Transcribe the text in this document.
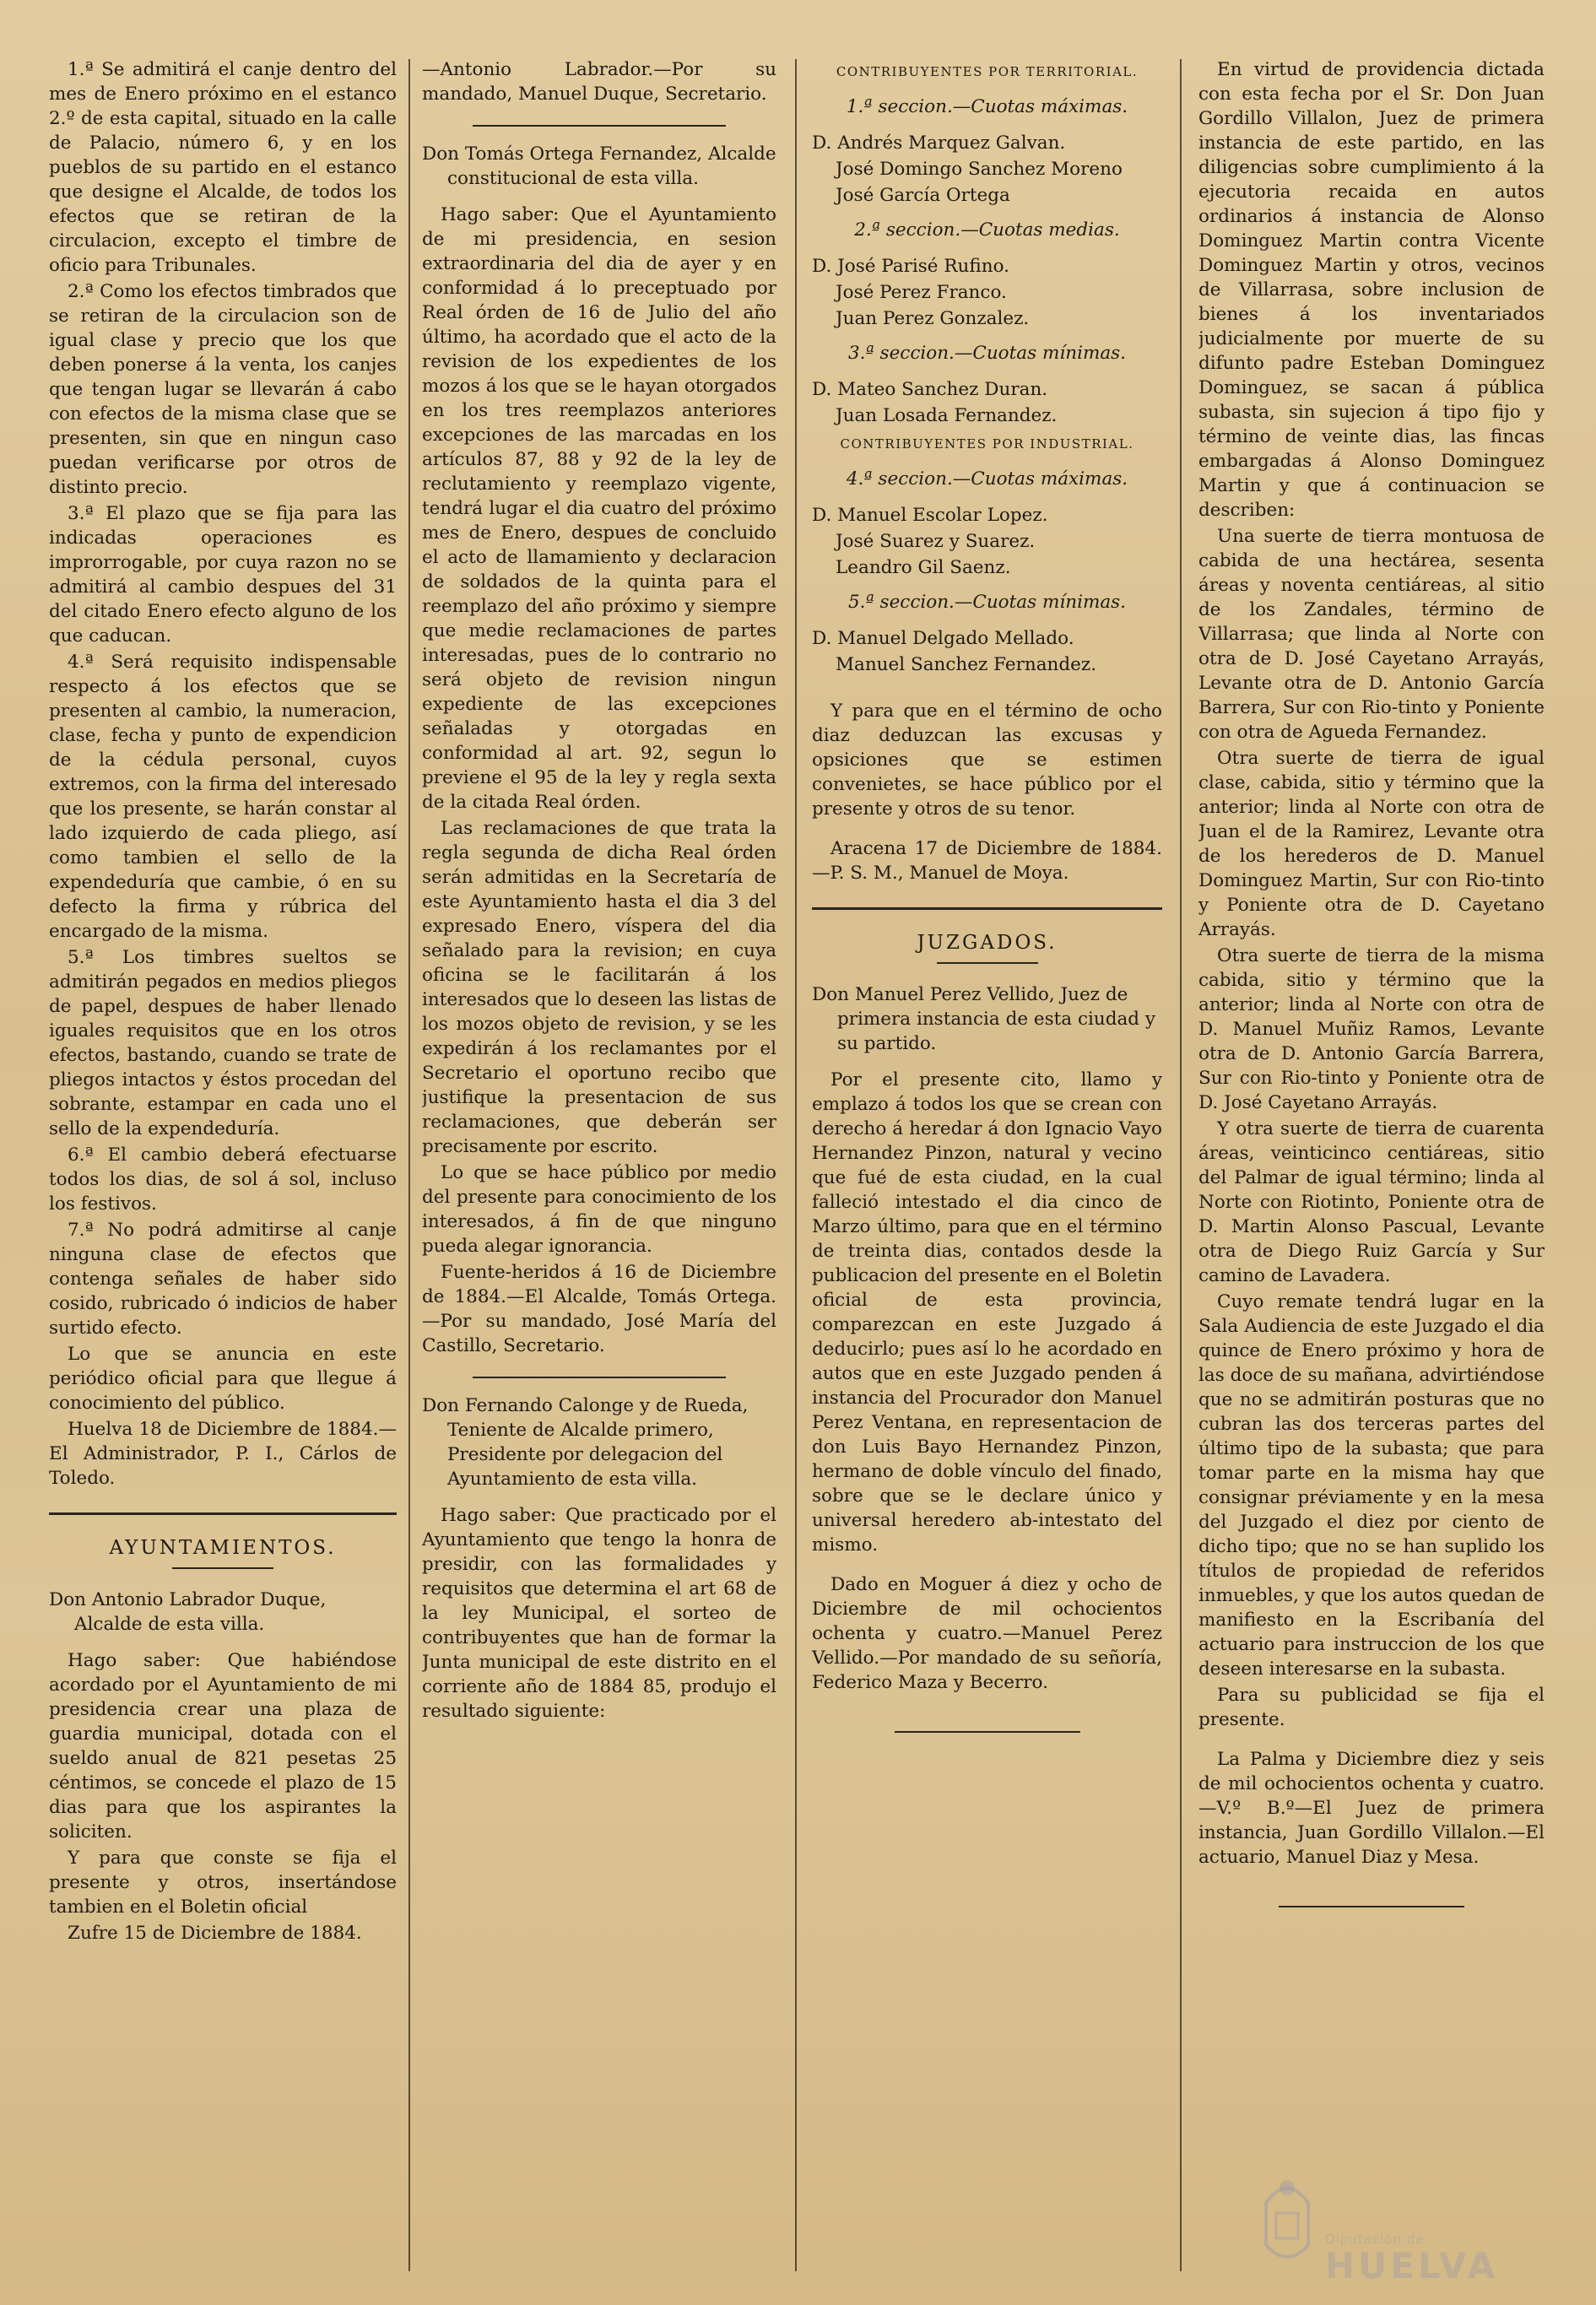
1.ª Se admitirá el canje dentro del mes de Enero próximo en el estanco 2.º de esta capital, situado en la calle de Palacio, número 6, y en los pueblos de su partido en el estanco que designe el Alcalde, de todos los efectos que se retiran de la circulacion, excepto el timbre de oficio para Tribunales.

2.ª Como los efectos timbrados que se retiran de la circulacion son de igual clase y precio que los que deben ponerse á la venta, los canjes que tengan lugar se llevarán á cabo con efectos de la misma clase que se presenten, sin que en ningun caso puedan verificarse por otros de distinto precio.

3.ª El plazo que se fija para las indicadas operaciones es improrrogable, por cuya razon no se admitirá al cambio despues del 31 del citado Enero efecto alguno de los que caducan.

4.ª Será requisito indispensable respecto á los efectos que se presenten al cambio, la numeracion, clase, fecha y punto de expendicion de la cédula personal, cuyos extremos, con la firma del interesado que los presente, se harán constar al lado izquierdo de cada pliego, así como tambien el sello de la expendeduría que cambie, ó en su defecto la firma y rúbrica del encargado de la misma.

5.ª Los timbres sueltos se admitirán pegados en medios pliegos de papel, despues de haber llenado iguales requisitos que en los otros efectos, bastando, cuando se trate de pliegos intactos y éstos procedan del sobrante, estampar en cada uno el sello de la expendeduría.

6.ª El cambio deberá efectuarse todos los dias, de sol á sol, incluso los festivos.

7.ª No podrá admitirse al canje ninguna clase de efectos que contenga señales de haber sido cosido, rubricado ó indicios de haber surtido efecto.

Lo que se anuncia en este periódico oficial para que llegue á conocimiento del público.

Huelva 18 de Diciembre de 1884.—El Administrador, P. I., Cárlos de Toledo.

AYUNTAMIENTOS.

Don Antonio Labrador Duque, Alcalde de esta villa.

Hago saber: Que habiéndose acordado por el Ayuntamiento de mi presidencia crear una plaza de guardia municipal, dotada con el sueldo anual de 821 pesetas 25 céntimos, se concede el plazo de 15 dias para que los aspirantes la soliciten.

Y para que conste se fija el presente y otros, insertándose tambien en el Boletin oficial

Zufre 15 de Diciembre de 1884.

—Antonio Labrador.—Por su mandado, Manuel Duque, Secretario.

Don Tomás Ortega Fernandez, Alcalde constitucional de esta villa.

Hago saber: Que el Ayuntamiento de mi presidencia, en sesion extraordinaria del dia de ayer y en conformidad á lo preceptuado por Real órden de 16 de Julio del año último, ha acordado que el acto de la revision de los expedientes de los mozos á los que se le hayan otorgados en los tres reemplazos anteriores excepciones de las marcadas en los artículos 87, 88 y 92 de la ley de reclutamiento y reemplazo vigente, tendrá lugar el dia cuatro del próximo mes de Enero, despues de concluido el acto de llamamiento y declaracion de soldados de la quinta para el reemplazo del año próximo y siempre que medie reclamaciones de partes interesadas, pues de lo contrario no será objeto de revision ningun expediente de las excepciones señaladas y otorgadas en conformidad al art. 92, segun lo previene el 95 de la ley y regla sexta de la citada Real órden.

Las reclamaciones de que trata la regla segunda de dicha Real órden serán admitidas en la Secretaría de este Ayuntamiento hasta el dia 3 del expresado Enero, víspera del dia señalado para la revision; en cuya oficina se le facilitarán á los interesados que lo deseen las listas de los mozos objeto de revision, y se les expedirán á los reclamantes por el Secretario el oportuno recibo que justifique la presentacion de sus reclamaciones, que deberán ser precisamente por escrito.

Lo que se hace público por medio del presente para conocimiento de los interesados, á fin de que ninguno pueda alegar ignorancia.

Fuente-heridos á 16 de Diciembre de 1884.—El Alcalde, Tomás Ortega.—Por su mandado, José María del Castillo, Secretario.

Don Fernando Calonge y de Rueda, Teniente de Alcalde primero, Presidente por delegacion del Ayuntamiento de esta villa.

Hago saber: Que practicado por el Ayuntamiento que tengo la honra de presidir, con las formalidades y requisitos que determina el art 68 de la ley Municipal, el sorteo de contribuyentes que han de formar la Junta municipal de este distrito en el corriente año de 1884 85, produjo el resultado siguiente:

CONTRIBUYENTES POR TERRITORIAL.
1.ª seccion.—Cuotas máximas.

D. Andrés Marquez Galvan.

José Domingo Sanchez Moreno

José García Ortega

2.ª seccion.—Cuotas medias.

D. José Parisé Rufino.

José Perez Franco.

Juan Perez Gonzalez.

3.ª seccion.—Cuotas mínimas.

D. Mateo Sanchez Duran.

Juan Losada Fernandez.

CONTRIBUYENTES POR INDUSTRIAL.
4.ª seccion.—Cuotas máximas.

D. Manuel Escolar Lopez.

José Suarez y Suarez.

Leandro Gil Saenz.

5.ª seccion.—Cuotas mínimas.

D. Manuel Delgado Mellado.

Manuel Sanchez Fernandez.

Y para que en el término de ocho diaz deduzcan las excusas y opsiciones que se estimen convenietes, se hace público por el presente y otros de su tenor.

Aracena 17 de Diciembre de 1884.—P. S. M., Manuel de Moya.

JUZGADOS.

Don Manuel Perez Vellido, Juez de primera instancia de esta ciudad y su partido.

Por el presente cito, llamo y emplazo á todos los que se crean con derecho á heredar á don Ignacio Vayo Hernandez Pinzon, natural y vecino que fué de esta ciudad, en la cual falleció intestado el dia cinco de Marzo último, para que en el término de treinta dias, contados desde la publicacion del presente en el Boletin oficial de esta provincia, comparezcan en este Juzgado á deducirlo; pues así lo he acordado en autos que en este Juzgado penden á instancia del Procurador don Manuel Perez Ventana, en representacion de don Luis Bayo Hernandez Pinzon, hermano de doble vínculo del finado, sobre que se le declare único y universal heredero ab-intestato del mismo.

Dado en Moguer á diez y ocho de Diciembre de mil ochocientos ochenta y cuatro.—Manuel Perez Vellido.—Por mandado de su señoría, Federico Maza y Becerro.

En virtud de providencia dictada con esta fecha por el Sr. Don Juan Gordillo Villalon, Juez de primera instancia de este partido, en las diligencias sobre cumplimiento á la ejecutoria recaida en autos ordinarios á instancia de Alonso Dominguez Martin contra Vicente Dominguez Martin y otros, vecinos de Villarrasa, sobre inclusion de bienes á los inventariados judicialmente por muerte de su difunto padre Esteban Dominguez Dominguez, se sacan á pública subasta, sin sujecion á tipo fijo y término de veinte dias, las fincas embargadas á Alonso Dominguez Martin y que á continuacion se describen:

Una suerte de tierra montuosa de cabida de una hectárea, sesenta áreas y noventa centiáreas, al sitio de los Zandales, término de Villarrasa; que linda al Norte con otra de D. José Cayetano Arrayás, Levante otra de D. Antonio García Barrera, Sur con Rio-tinto y Poniente con otra de Agueda Fernandez.

Otra suerte de tierra de igual clase, cabida, sitio y término que la anterior; linda al Norte con otra de Juan el de la Ramirez, Levante otra de los herederos de D. Manuel Dominguez Martin, Sur con Rio-tinto y Poniente otra de D. Cayetano Arrayás.

Otra suerte de tierra de la misma cabida, sitio y término que la anterior; linda al Norte con otra de D. Manuel Muñiz Ramos, Levante otra de D. Antonio García Barrera, Sur con Rio-tinto y Poniente otra de D. José Cayetano Arrayás.

Y otra suerte de tierra de cuarenta áreas, veinticinco centiáreas, sitio del Palmar de igual término; linda al Norte con Riotinto, Poniente otra de D. Martin Alonso Pascual, Levante otra de Diego Ruiz García y Sur camino de Lavadera.

Cuyo remate tendrá lugar en la Sala Audiencia de este Juzgado el dia quince de Enero próximo y hora de las doce de su mañana, advirtiéndose que no se admitirán posturas que no cubran las dos terceras partes del último tipo de la subasta; que para tomar parte en la misma hay que consignar préviamente y en la mesa del Juzgado el diez por ciento de dicho tipo; que no se han suplido los títulos de propiedad de referidos inmuebles, y que los autos quedan de manifiesto en la Escribanía del actuario para instruccion de los que deseen interesarse en la subasta.

Para su publicidad se fija el presente.

La Palma y Diciembre diez y seis de mil ochocientos ochenta y cuatro.—V.º B.º—El Juez de primera instancia, Juan Gordillo Villalon.—El actuario, Manuel Diaz y Mesa.

Diputación de
HUELVA
